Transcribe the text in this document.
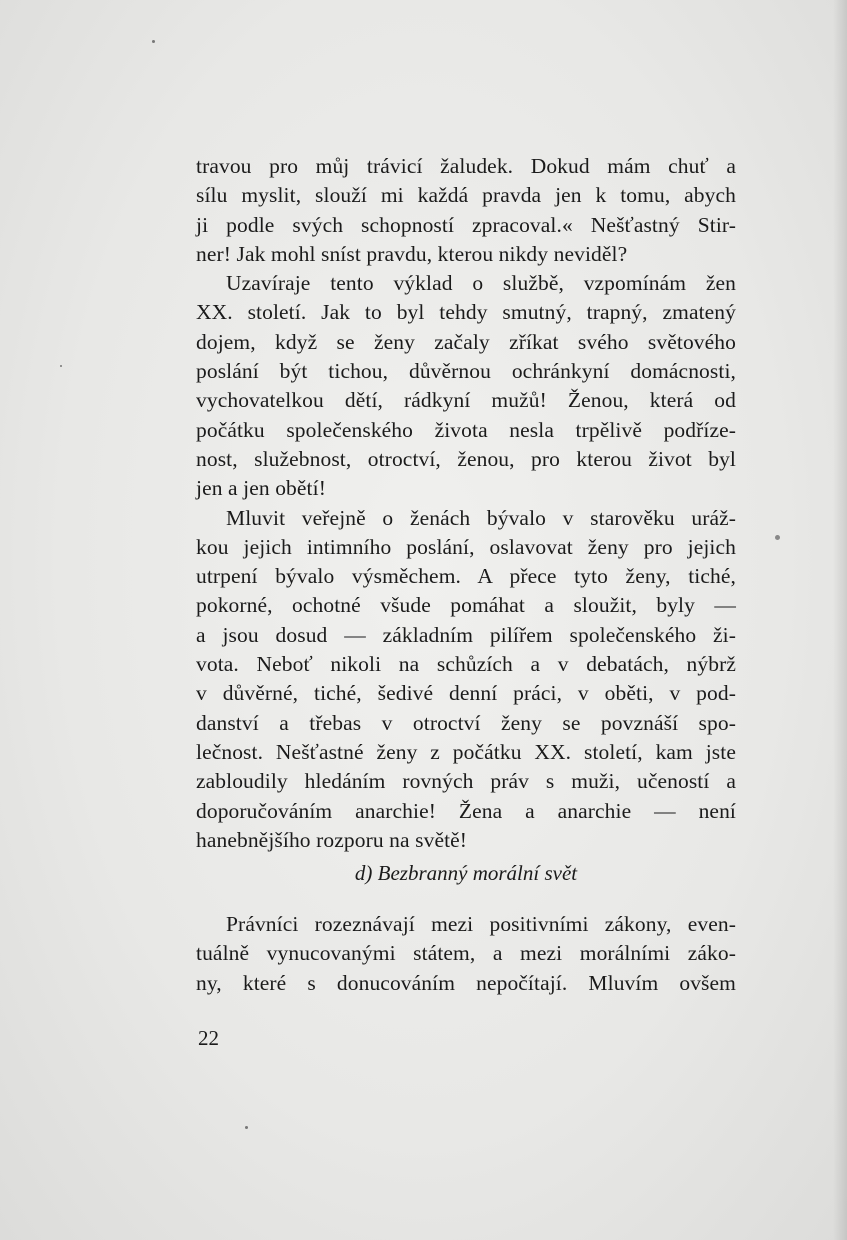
travou pro můj trávicí žaludek. Dokud mám chuť a
sílu myslit, slouží mi každá pravda jen k tomu, abych
ji podle svých schopností zpracoval.« Nešťastný Stir-
ner! Jak mohl sníst pravdu, kterou nikdy neviděl?
Uzavíraje tento výklad o službě, vzpomínám žen
XX. století. Jak to byl tehdy smutný, trapný, zmatený
dojem, když se ženy začaly zříkat svého světového
poslání být tichou, důvěrnou ochránkyní domácnosti,
vychovatelkou dětí, rádkyní mužů! Ženou, která od
počátku společenského života nesla trpělivě podříze-
nost, služebnost, otroctví, ženou, pro kterou život byl
jen a jen obětí!
Mluvit veřejně o ženách bývalo v starověku uráž-
kou jejich intimního poslání, oslavovat ženy pro jejich
utrpení bývalo výsměchem. A přece tyto ženy, tiché,
pokorné, ochotné všude pomáhat a sloužit, byly —
a jsou dosud — základním pilířem společenského ži-
vota. Neboť nikoli na schůzích a v debatách, nýbrž
v důvěrné, tiché, šedivé denní práci, v oběti, v pod-
danství a třebas v otroctví ženy se povznáší spo-
lečnost. Nešťastné ženy z počátku XX. století, kam jste
zabloudily hledáním rovných práv s muži, učeností a
doporučováním anarchie! Žena a anarchie — není
hanebnějšího rozporu na světě!
d) Bezbranný morální svět
Právníci rozeznávají mezi positivními zákony, even-
tuálně vynucovanými státem, a mezi morálními záko-
ny, které s donucováním nepočítají. Mluvím ovšem
22
